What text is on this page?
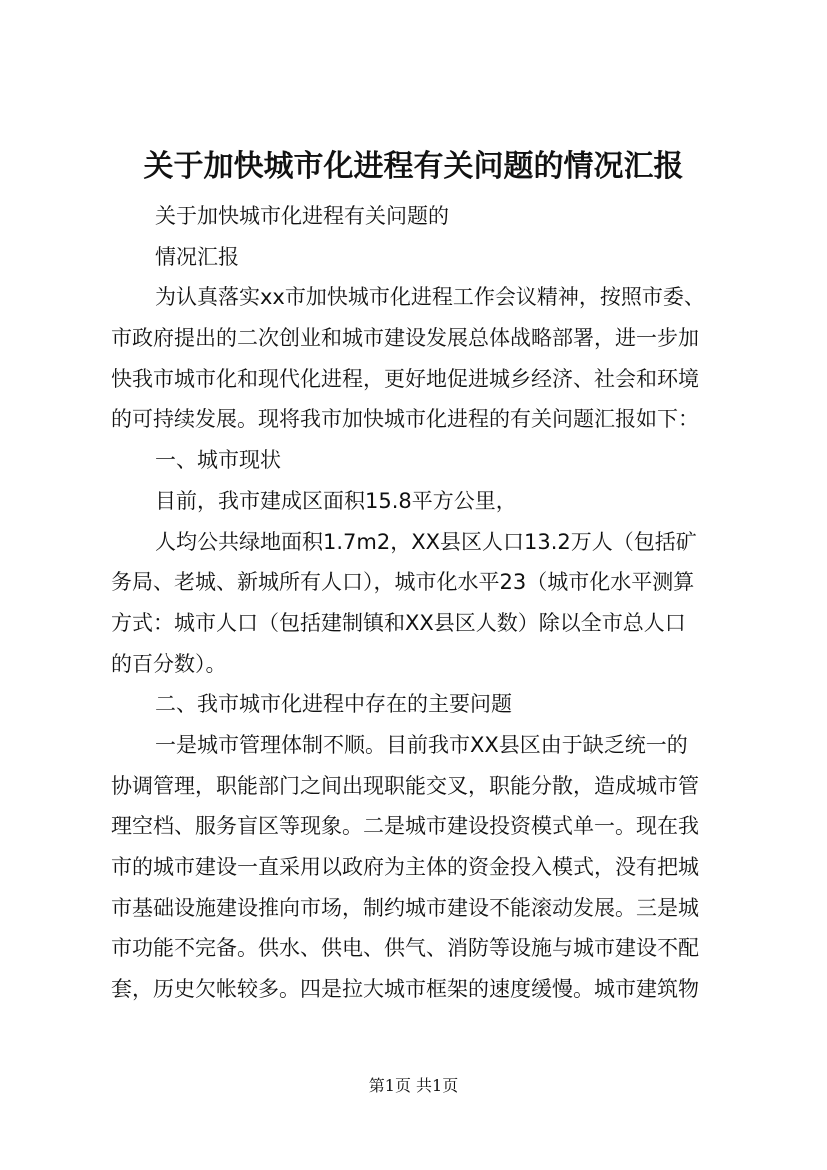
关于加快城市化进程有关问题的情况汇报
关于加快城市化进程有关问题的
情况汇报
为认真落实xx市加快城市化进程工作会议精神，按照市委、
市政府提出的二次创业和城市建设发展总体战略部署，进一步加
快我市城市化和现代化进程，更好地促进城乡经济、社会和环境
的可持续发展。现将我市加快城市化进程的有关问题汇报如下：
一、城市现状
目前，我市建成区面积15.8平方公里，
人均公共绿地面积1.7m2，XX县区人口13.2万人（包括矿
务局、老城、新城所有人口），城市化水平23（城市化水平测算
方式：城市人口（包括建制镇和XX县区人数）除以全市总人口
的百分数）。
二、我市城市化进程中存在的主要问题
一是城市管理体制不顺。目前我市XX县区由于缺乏统一的
协调管理，职能部门之间出现职能交叉，职能分散，造成城市管
理空档、服务盲区等现象。二是城市建设投资模式单一。现在我
市的城市建设一直采用以政府为主体的资金投入模式，没有把城
市基础设施建设推向市场，制约城市建设不能滚动发展。三是城
市功能不完备。供水、供电、供气、消防等设施与城市建设不配
套，历史欠帐较多。四是拉大城市框架的速度缓慢。城市建筑物
第1页 共1页
